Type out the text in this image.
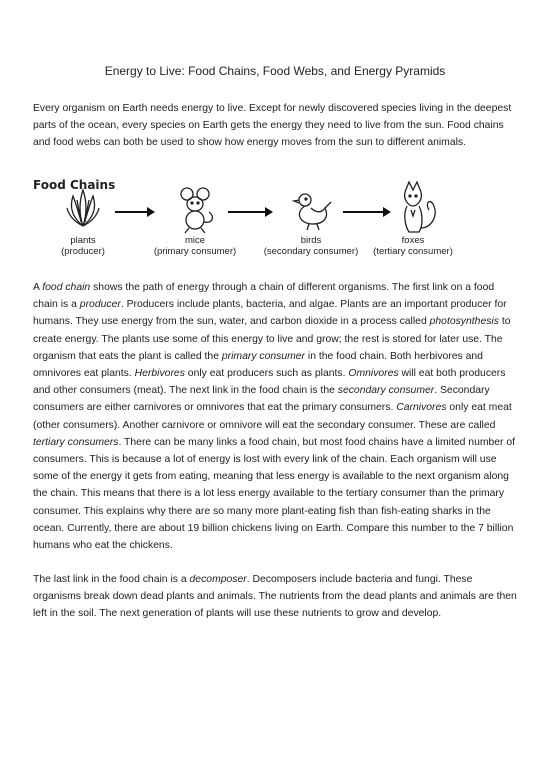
Energy to Live: Food Chains, Food Webs, and Energy Pyramids

Every organism on Earth needs energy to live. Except for newly discovered species living in the deepest parts of the ocean, every species on Earth gets the energy they need to live from the sun. Food chains and food webs can both be used to show how energy moves from the sun to different animals.

Food Chains
plants
(producer)
mice
(primary consumer)
birds
(secondary consumer)
foxes
(tertiary consumer)

A food chain shows the path of energy through a chain of different organisms. The first link on a food chain is a producer. Producers include plants, bacteria, and algae. Plants are an important producer for humans. They use energy from the sun, water, and carbon dioxide in a process called photosynthesis to create energy. The plants use some of this energy to live and grow; the rest is stored for later use. The organism that eats the plant is called the primary consumer in the food chain. Both herbivores and omnivores eat plants. Herbivores only eat producers such as plants. Omnivores will eat both producers and other consumers (meat). The next link in the food chain is the secondary consumer. Secondary consumers are either carnivores or omnivores that eat the primary consumers. Carnivores only eat meat (other consumers). Another carnivore or omnivore will eat the secondary consumer. These are called tertiary consumers. There can be many links a food chain, but most food chains have a limited number of consumers. This is because a lot of energy is lost with every link of the chain. Each organism will use some of the energy it gets from eating, meaning that less energy is available to the next organism along the chain. This means that there is a lot less energy available to the tertiary consumer than the primary consumer. This explains why there are so many more plant-eating fish than fish-eating sharks in the ocean. Currently, there are about 19 billion chickens living on Earth. Compare this number to the 7 billion humans who eat the chickens.

The last link in the food chain is a decomposer. Decomposers include bacteria and fungi. These organisms break down dead plants and animals. The nutrients from the dead plants and animals are then left in the soil. The next generation of plants will use these nutrients to grow and develop.
